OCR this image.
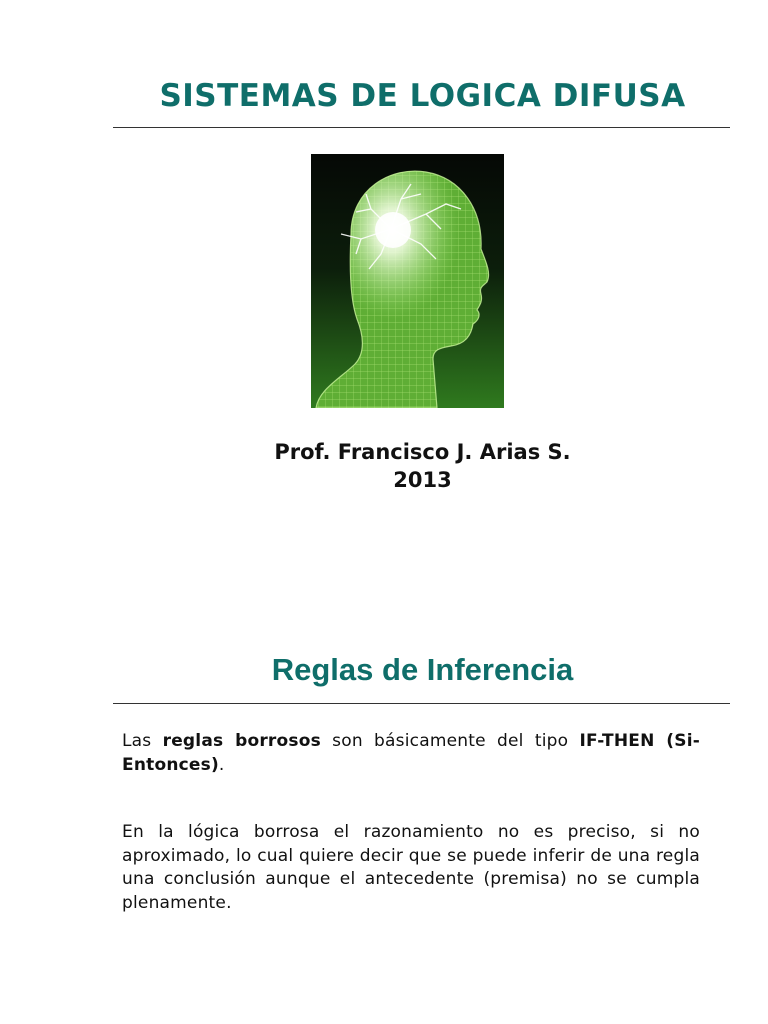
SISTEMAS DE LOGICA DIFUSA
Prof. Francisco J. Arias S.
2013
Reglas de Inferencia
Las reglas borrosos son básicamente del tipo IF-THEN (Si-Entonces).
En la lógica borrosa el razonamiento no es preciso, si no aproximado, lo cual quiere decir que se puede inferir de una regla una conclusión aunque el antecedente (premisa) no se cumpla plenamente.
